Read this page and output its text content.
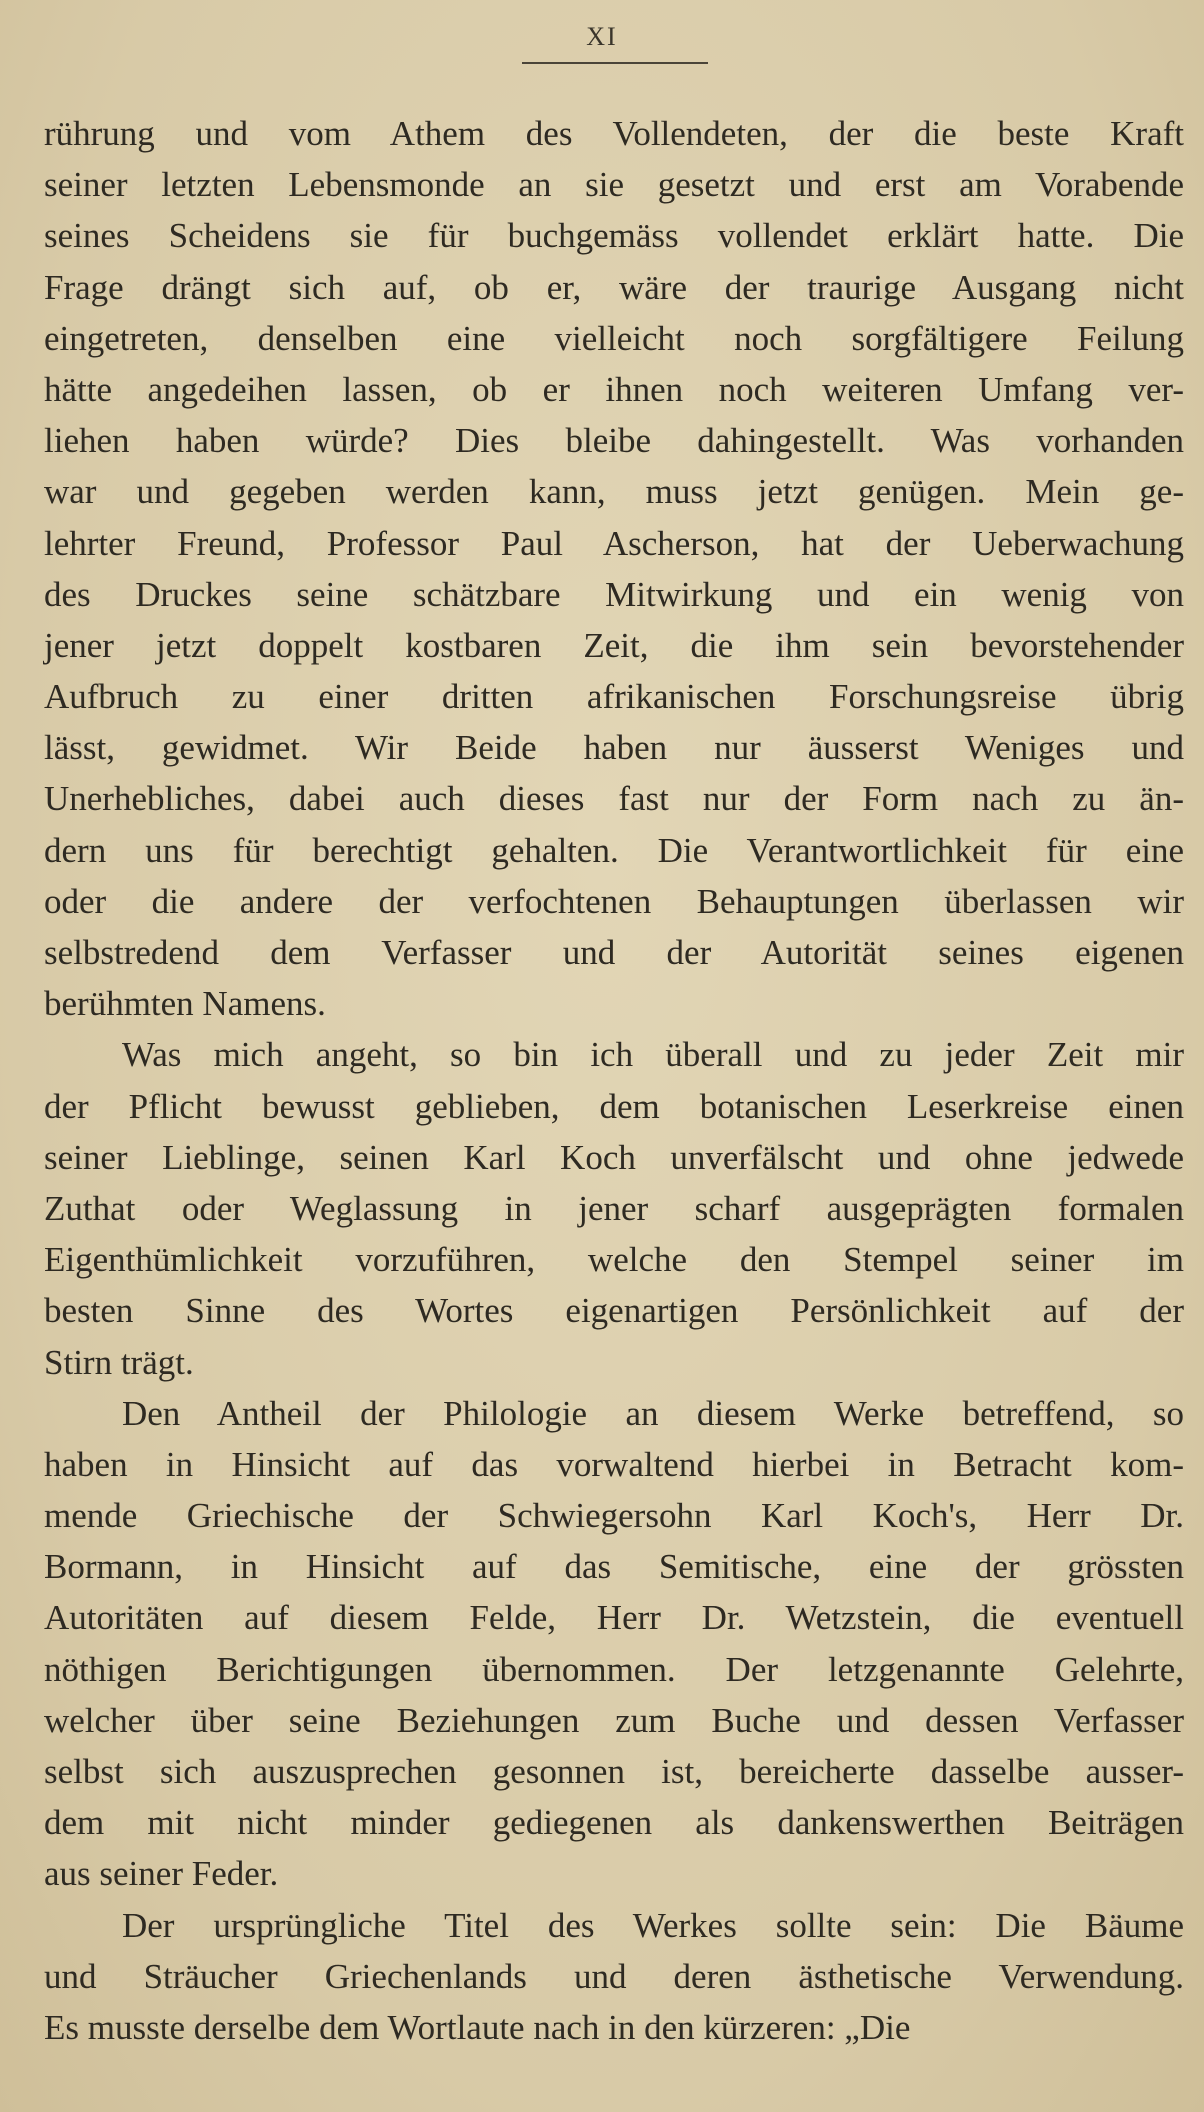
XI
rührung und vom Athem des Vollendeten, der die beste Kraft
seiner letzten Lebensmonde an sie gesetzt und erst am Vorabende
seines Scheidens sie für buchgemäss vollendet erklärt hatte. Die
Frage drängt sich auf, ob er, wäre der traurige Ausgang nicht
eingetreten, denselben eine vielleicht noch sorgfältigere Feilung
hätte angedeihen lassen, ob er ihnen noch weiteren Umfang ver-
liehen haben würde? Dies bleibe dahingestellt. Was vorhanden
war und gegeben werden kann, muss jetzt genügen. Mein ge-
lehrter Freund, Professor Paul Ascherson, hat der Ueberwachung
des Druckes seine schätzbare Mitwirkung und ein wenig von
jener jetzt doppelt kostbaren Zeit, die ihm sein bevorstehender
Aufbruch zu einer dritten afrikanischen Forschungsreise übrig
lässt, gewidmet. Wir Beide haben nur äusserst Weniges und
Unerhebliches, dabei auch dieses fast nur der Form nach zu än-
dern uns für berechtigt gehalten. Die Verantwortlichkeit für eine
oder die andere der verfochtenen Behauptungen überlassen wir
selbstredend dem Verfasser und der Autorität seines eigenen
berühmten Namens.
Was mich angeht, so bin ich überall und zu jeder Zeit mir
der Pflicht bewusst geblieben, dem botanischen Leserkreise einen
seiner Lieblinge, seinen Karl Koch unverfälscht und ohne jedwede
Zuthat oder Weglassung in jener scharf ausgeprägten formalen
Eigenthümlichkeit vorzuführen, welche den Stempel seiner im
besten Sinne des Wortes eigenartigen Persönlichkeit auf der
Stirn trägt.
Den Antheil der Philologie an diesem Werke betreffend, so
haben in Hinsicht auf das vorwaltend hierbei in Betracht kom-
mende Griechische der Schwiegersohn Karl Koch's, Herr Dr.
Bormann, in Hinsicht auf das Semitische, eine der grössten
Autoritäten auf diesem Felde, Herr Dr. Wetzstein, die eventuell
nöthigen Berichtigungen übernommen. Der letzgenannte Gelehrte,
welcher über seine Beziehungen zum Buche und dessen Verfasser
selbst sich auszusprechen gesonnen ist, bereicherte dasselbe ausser-
dem mit nicht minder gediegenen als dankenswerthen Beiträgen
aus seiner Feder.
Der ursprüngliche Titel des Werkes sollte sein: Die Bäume
und Sträucher Griechenlands und deren ästhetische Verwendung.
Es musste derselbe dem Wortlaute nach in den kürzeren: „Die
